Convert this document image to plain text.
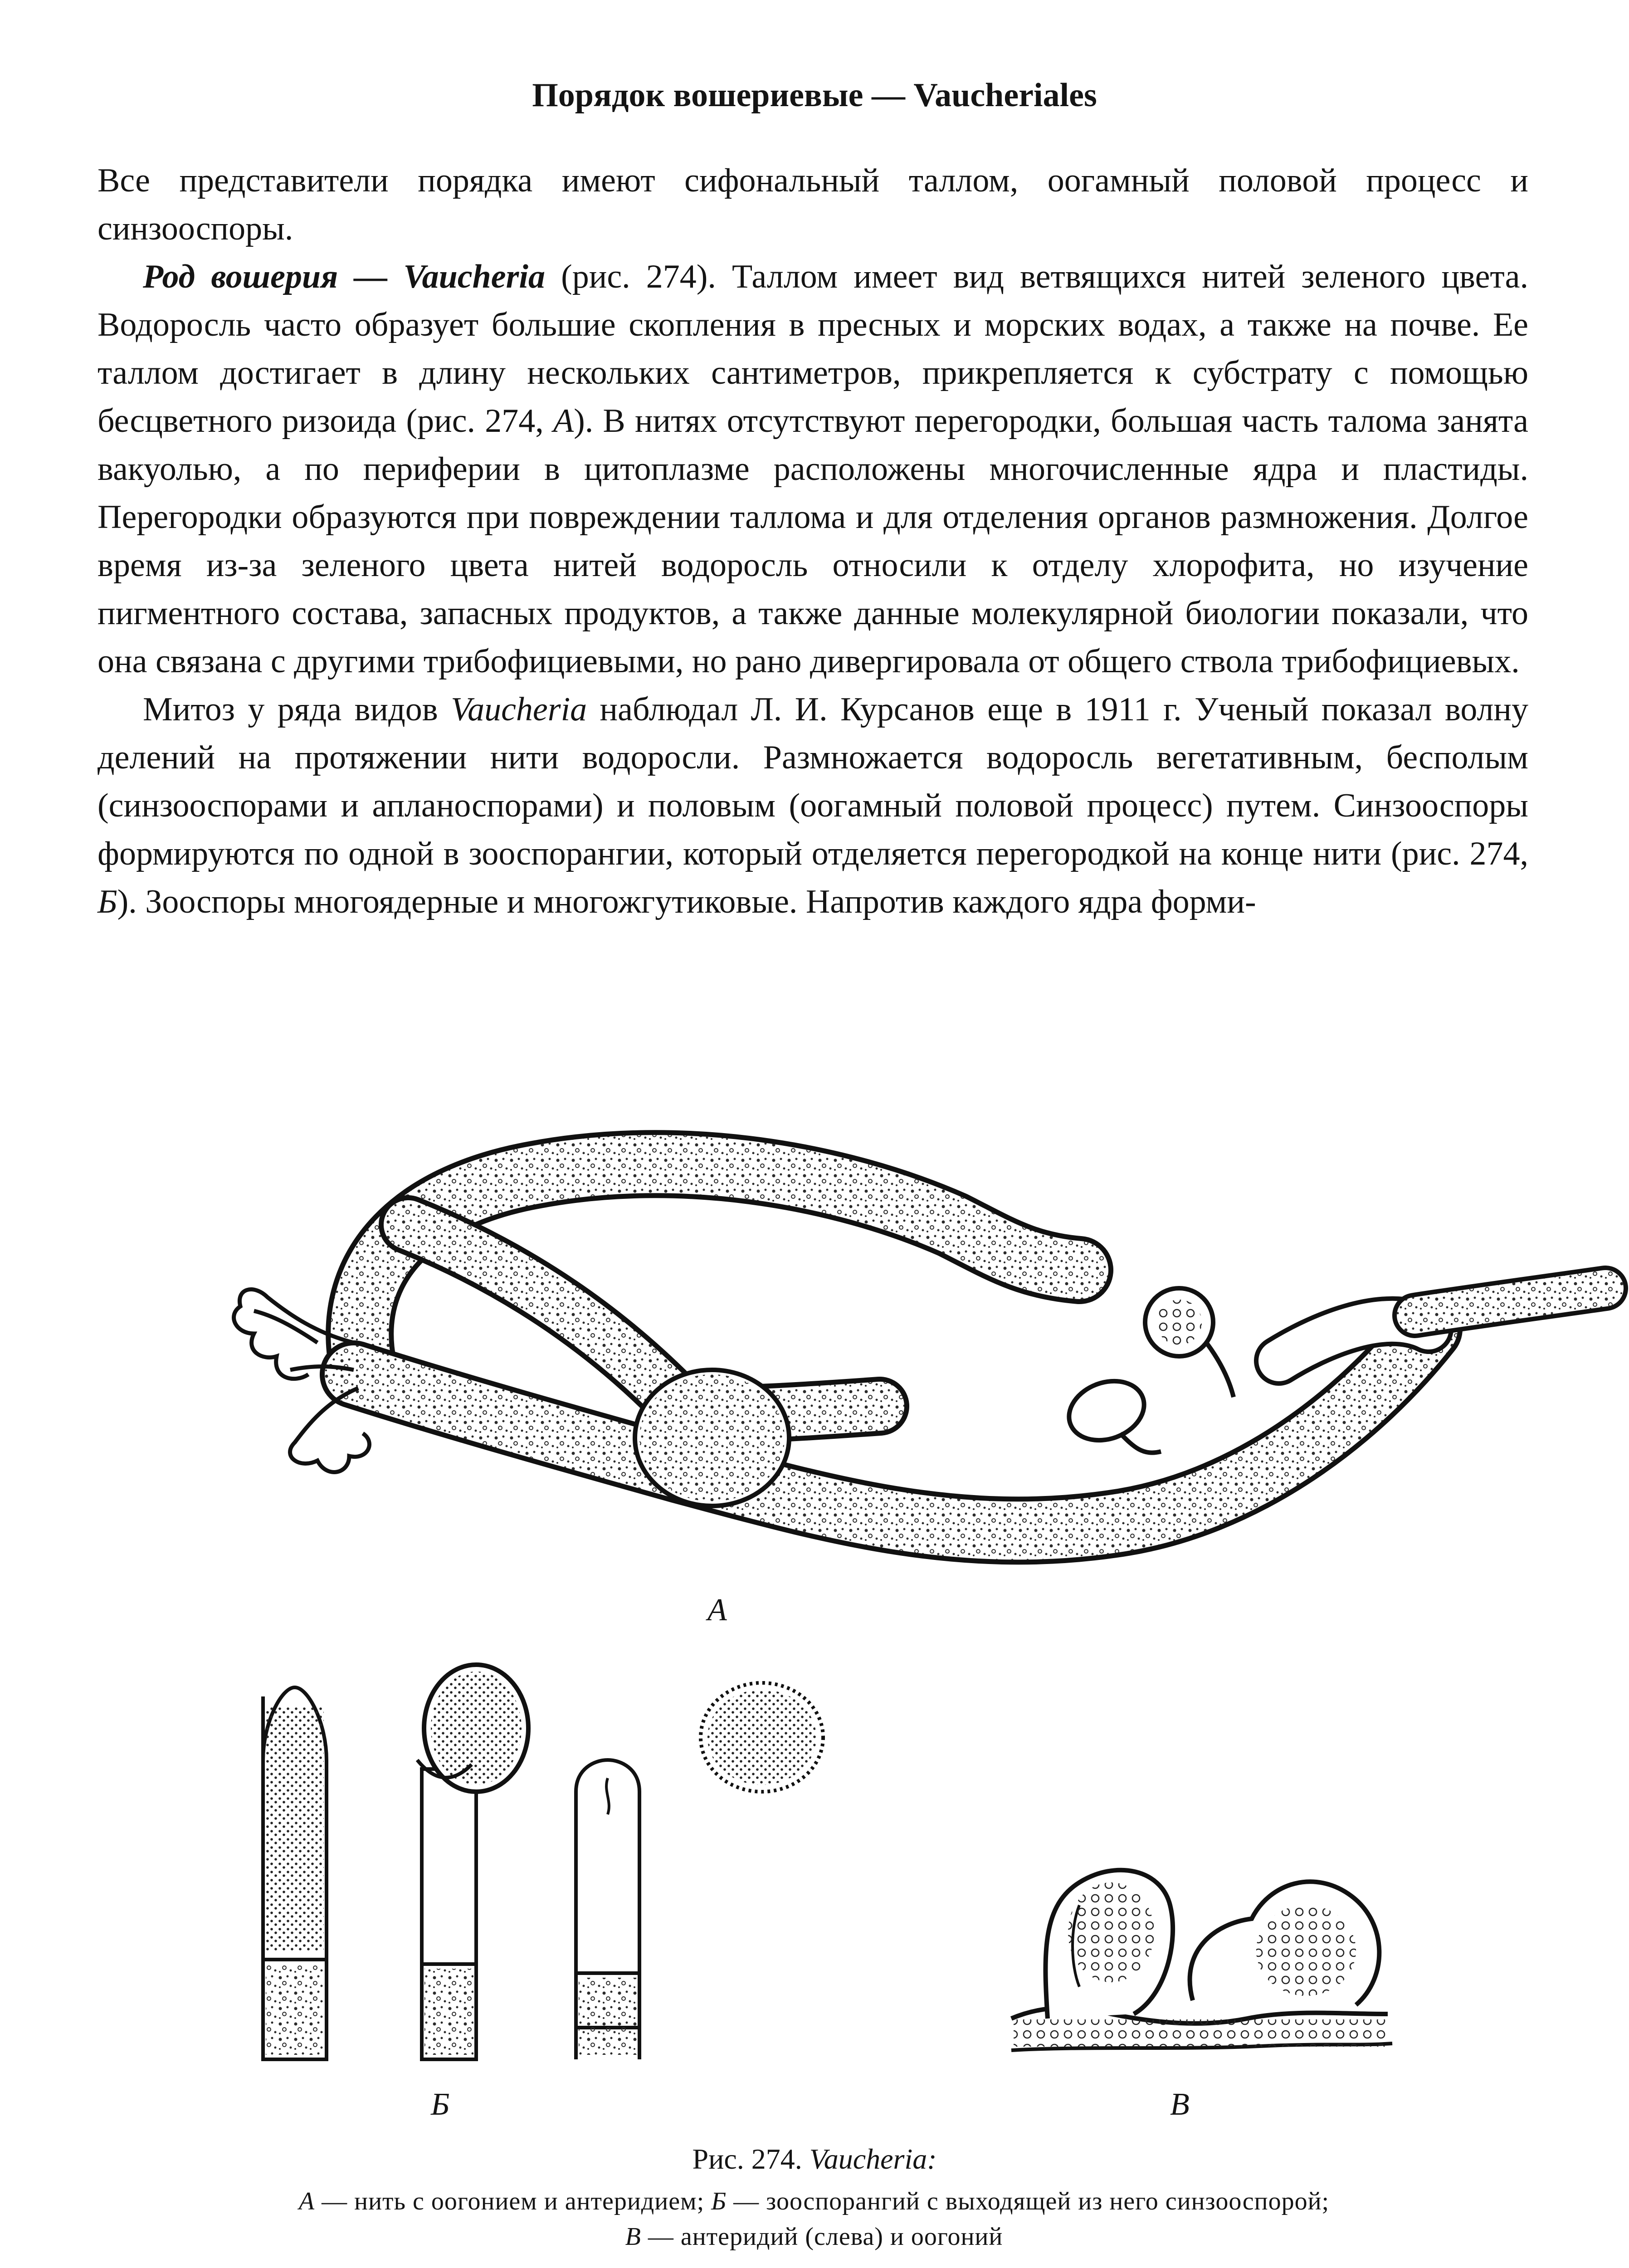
Порядок вошериевые — Vaucheriales

Все представители порядка имеют сифональный таллом, оогамный половой процесс и синзооспоры.

Род вошерия — Vaucheria (рис. 274). Таллом имеет вид ветвящихся нитей зеленого цвета. Водоросль часто образует большие скопления в пресных и морских водах, а также на почве. Ее таллом достигает в длину нескольких сантиметров, прикрепляется к субстрату с помощью бесцветного ризоида (рис. 274, А). В нитях отсутствуют перегородки, большая часть талома занята вакуолью, а по периферии в цитоплазме расположены многочисленные ядра и пластиды. Перегородки образуются при повреждении таллома и для отделения органов размножения. Долгое время из-за зеленого цвета нитей водоросль относили к отделу хлорофита, но изучение пигментного состава, запасных продуктов, а также данные молекулярной биологии показали, что она связана с другими трибофициевыми, но рано дивергировала от общего ствола трибофициевых.

Митоз у ряда видов Vaucheria наблюдал Л. И. Курсанов еще в 1911 г. Ученый показал волну делений на протяжении нити водоросли. Размножается водоросль вегетативным, бесполым (синзооспорами и апланоспорами) и половым (оогамный половой процесс) путем. Синзооспоры формируются по одной в зооспорангии, который отделяется перегородкой на конце нити (рис. 274, Б). Зооспоры многоядерные и многожгутиковые. Напротив каждого ядра форми-

А
Б	В
Рис. 274. Vaucheria:
А — нить с оогонием и антеридием; Б — зооспорангий с выходящей из него синзооспорой;
В — антеридий (слева) и оогоний
